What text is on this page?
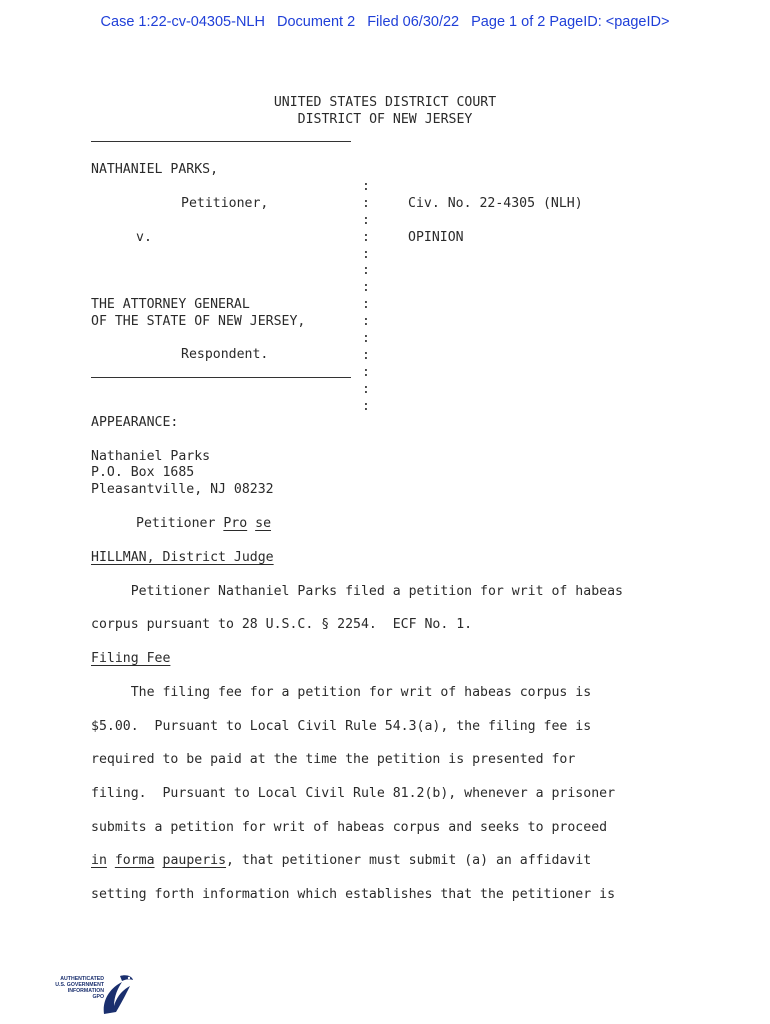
Case 1:22-cv-04305-NLH Document 2 Filed 06/30/22 Page 1 of 2 PageID: <pageID>
UNITED STATES DISTRICT COURT
DISTRICT OF NEW JERSEY

:
:
:
:
:
:
:
:
:
:
:
:
:
:

NATHANIEL PARKS,
Petitioner,
v.
THE ATTORNEY GENERAL
OF THE STATE OF NEW JERSEY,
Respondent.
Civ. No. 22-4305 (NLH)
OPINION
APPEARANCE:
Nathaniel Parks
P.O. Box 1685
Pleasantville, NJ 08232
Petitioner Pro se
HILLMAN, District Judge
Petitioner Nathaniel Parks filed a petition for writ of habeas
corpus pursuant to 28 U.S.C. § 2254.  ECF No. 1.
Filing Fee
The filing fee for a petition for writ of habeas corpus is
$5.00.  Pursuant to Local Civil Rule 54.3(a), the filing fee is
required to be paid at the time the petition is presented for
filing.  Pursuant to Local Civil Rule 81.2(b), whenever a prisoner
submits a petition for writ of habeas corpus and seeks to proceed
in forma pauperis, that petitioner must submit (a) an affidavit
setting forth information which establishes that the petitioner is
AUTHENTICATED
U.S. GOVERNMENT
INFORMATION
GPO
